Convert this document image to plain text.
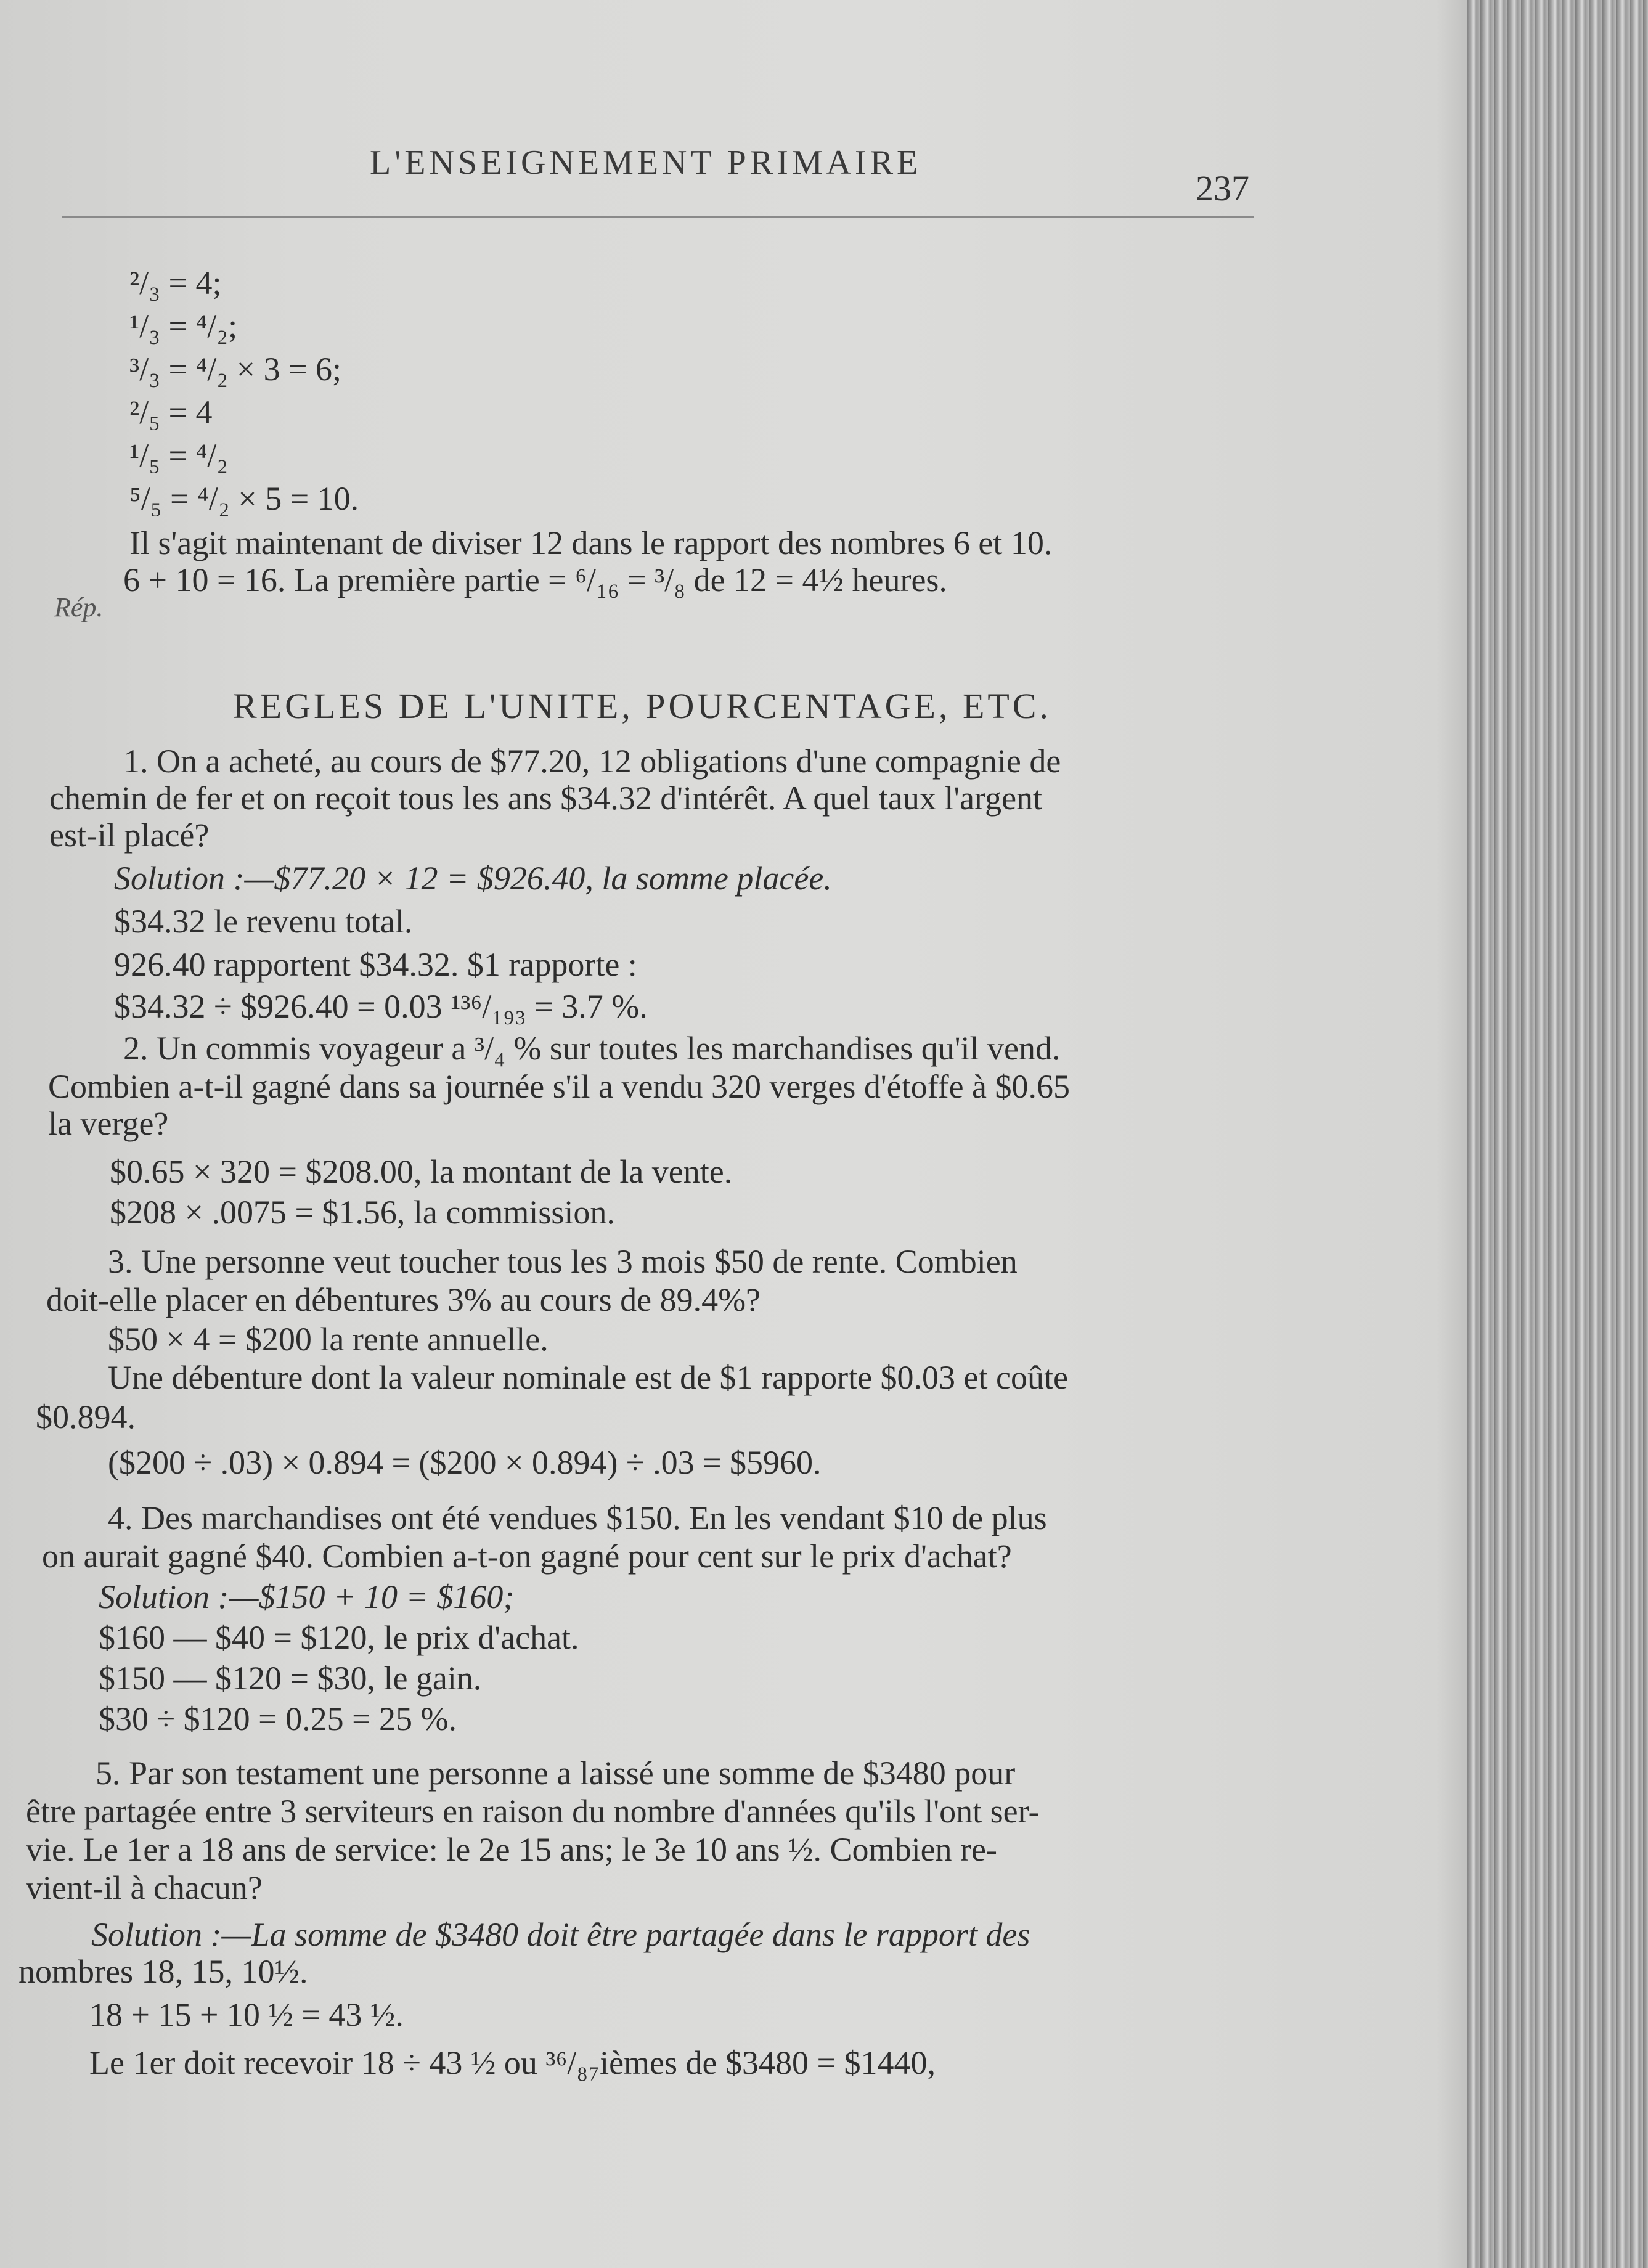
L'ENSEIGNEMENT PRIMAIRE
237
²/₃ = 4;
¹/₃ = ⁴/₂;
³/₃ = ⁴/₂ × 3 = 6;
²/₅ = 4
¹/₅ = ⁴/₂
⁵/₅ = ⁴/₂ × 5 = 10.
Il s'agit maintenant de diviser 12 dans le rapport des nombres 6 et 10.
6 + 10 = 16. La première partie = ⁶/₁₆ = ³/₈ de 12 = 4½ heures.
Rép.
REGLES DE L'UNITE, POURCENTAGE, ETC.
1. On a acheté, au cours de $77.20, 12 obligations d'une compagnie de
chemin de fer et on reçoit tous les ans $34.32 d'intérêt. A quel taux l'argent
est-il placé?
Solution :—$77.20 × 12 = $926.40, la somme placée.
$34.32 le revenu total.
926.40 rapportent $34.32. $1 rapporte :
$34.32 ÷ $926.40 = 0.03 ¹³⁶/₁₉₃ = 3.7 %.
2. Un commis voyageur a ³/₄ % sur toutes les marchandises qu'il vend.
Combien a-t-il gagné dans sa journée s'il a vendu 320 verges d'étoffe à $0.65
la verge?
$0.65 × 320 = $208.00, la montant de la vente.
$208 × .0075 = $1.56, la commission.
3. Une personne veut toucher tous les 3 mois $50 de rente. Combien
doit-elle placer en débentures 3% au cours de 89.4%?
$50 × 4 = $200 la rente annuelle.
Une débenture dont la valeur nominale est de $1 rapporte $0.03 et coûte
$0.894.
($200 ÷ .03) × 0.894 = ($200 × 0.894) ÷ .03 = $5960.
4. Des marchandises ont été vendues $150. En les vendant $10 de plus
on aurait gagné $40. Combien a-t-on gagné pour cent sur le prix d'achat?
Solution :—$150 + 10 = $160;
$160 — $40 = $120, le prix d'achat.
$150 — $120 = $30, le gain.
$30 ÷ $120 = 0.25 = 25 %.
5. Par son testament une personne a laissé une somme de $3480 pour
être partagée entre 3 serviteurs en raison du nombre d'années qu'ils l'ont ser-
vie. Le 1er a 18 ans de service: le 2e 15 ans; le 3e 10 ans ½. Combien re-
vient-il à chacun?
Solution :—La somme de $3480 doit être partagée dans le rapport des
nombres 18, 15, 10½.
18 + 15 + 10 ½ = 43 ½.
Le 1er doit recevoir 18 ÷ 43 ½ ou ³⁶/₈₇ièmes de $3480 = $1440,
